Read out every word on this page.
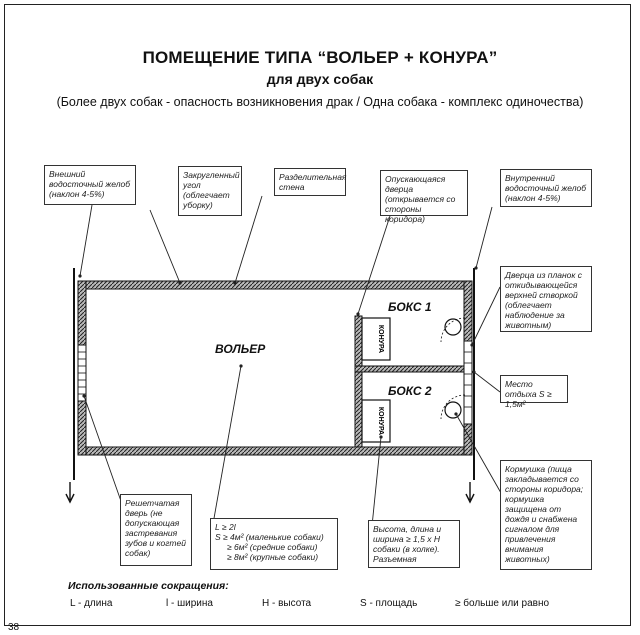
ПОМЕЩЕНИЕ ТИПА “ВОЛЬЕР + КОНУРА”
для двух собак

(Более двух собак - опасность возникновения драк / Одна собака - комплекс одиночества)

КОНУРА
КОНУРА
ВОЛЬЕР
БОКС 1
БОКС 2
Внешний водосточный желоб (наклон 4-5%)
Закругленный угол (облегчает уборку)
Разделительная стена
Опускающаяся дверца (открывается со стороны коридора)
Внутренний водосточный желоб (наклон 4-5%)
Дверца из планок с откидывающейся верхней створкой (облегчает наблюдение за животным)
Место отдыха S ≥ 1,5м²
Кормушка (пища закладывается со стороны коридора; кормушка защищена от дождя и снабжена сигналом для привлечения внимания животных)
Решетчатая дверь (не допускающая застревания зубов и когтей собак)
L ≥ 2l
S ≥ 4м² (маленькие собаки)
≥ 6м² (средние собаки)
≥ 8м² (крупные собаки)
Высота, длина и ширина ≥ 1,5 x Н собаки (в холке). Разъемная
Использованные сокращения:
L - длина	l - ширина	H - высота	S - площадь	≥ больше или равно
38
